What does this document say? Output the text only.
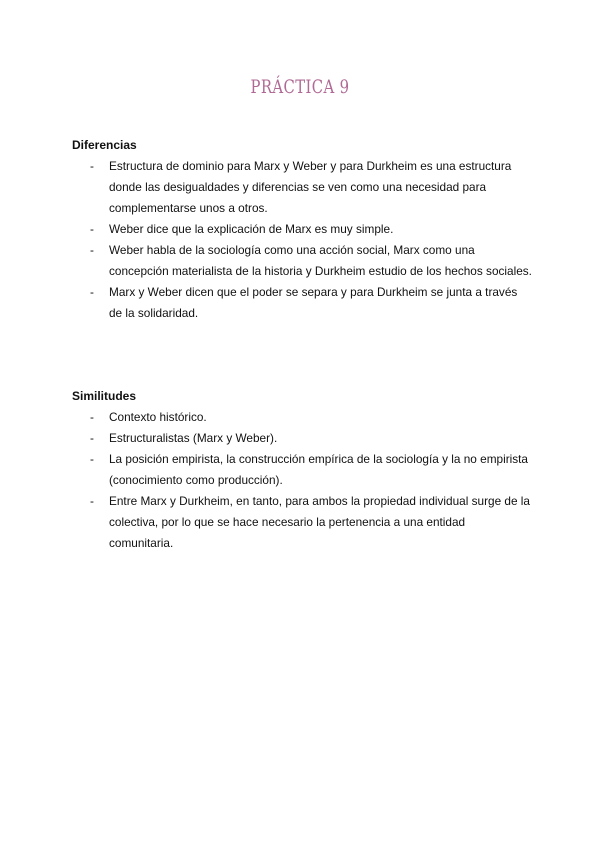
PRÁCTICA 9
Diferencias
- Estructura de dominio para Marx y Weber y para Durkheim es una estructura donde las desigualdades y diferencias se ven como una necesidad para complementarse unos a otros.
- Weber dice que la explicación de Marx es muy simple.
- Weber habla de la sociología como una acción social, Marx como una concepción materialista de la historia y Durkheim estudio de los hechos sociales.
- Marx y Weber dicen que el poder se separa y para Durkheim se junta a través de la solidaridad.
Similitudes
- Contexto histórico.
- Estructuralistas (Marx y Weber).
- La posición empirista, la construcción empírica de la sociología y la no empirista (conocimiento como producción).
- Entre Marx y Durkheim, en tanto, para ambos la propiedad individual surge de la colectiva, por lo que se hace necesario la pertenencia a una entidad comunitaria.
